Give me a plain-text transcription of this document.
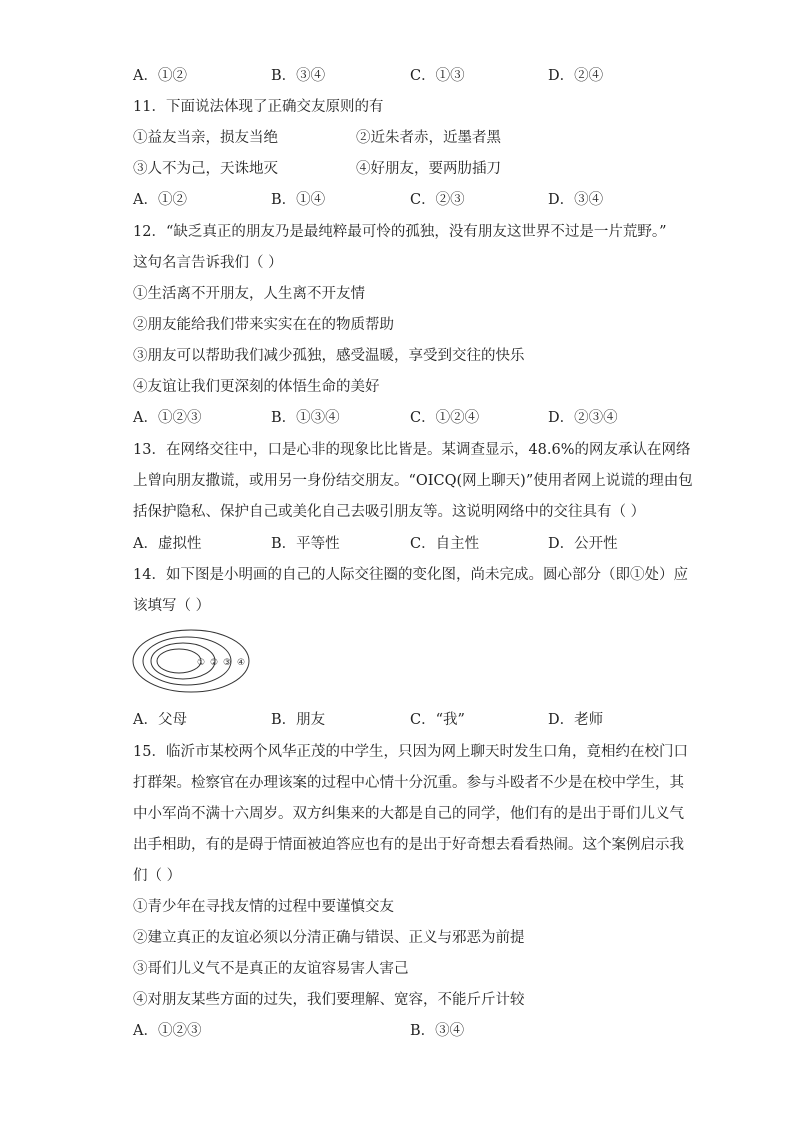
A．①②	B．③④	C．①③	D．②④
11．下面说法体现了正确交友原则的有
①益友当亲，损友当绝	②近朱者赤，近墨者黑
③人不为己，天诛地灭	④好朋友，要两肋插刀
A．①②	B．①④	C．②③	D．③④
12．“缺乏真正的朋友乃是最纯粹最可怜的孤独，没有朋友这世界不过是一片荒野。”
这句名言告诉我们（ ）
①生活离不开朋友，人生离不开友情
②朋友能给我们带来实实在在的物质帮助
③朋友可以帮助我们减少孤独，感受温暖，享受到交往的快乐
④友谊让我们更深刻的体悟生命的美好
A．①②③	B．①③④	C．①②④	D．②③④
13．在网络交往中，口是心非的现象比比皆是。某调查显示，48.6%的网友承认在网络
上曾向朋友撒谎，或用另一身份结交朋友。“OICQ(网上聊天)”使用者网上说谎的理由包
括保护隐私、保护自己或美化自己去吸引朋友等。这说明网络中的交往具有（ ）
A．虚拟性	B．平等性	C．自主性	D．公开性
14．如下图是小明画的自己的人际交往圈的变化图，尚未完成。圆心部分（即①处）应
该填写（ ）
① ② ③ ④
A．父母	B．朋友	C．“我”	D．老师
15．临沂市某校两个风华正茂的中学生，只因为网上聊天时发生口角，竟相约在校门口
打群架。检察官在办理该案的过程中心情十分沉重。参与斗殴者不少是在校中学生，其
中小军尚不满十六周岁。双方纠集来的大都是自己的同学，他们有的是出于哥们儿义气
出手相助，有的是碍于情面被迫答应也有的是出于好奇想去看看热闹。这个案例启示我
们（ ）
①青少年在寻找友情的过程中要谨慎交友
②建立真正的友谊必须以分清正确与错误、正义与邪恶为前提
③哥们儿义气不是真正的友谊容易害人害己
④对朋友某些方面的过失，我们要理解、宽容，不能斤斤计较
A．①②③	B．③④
